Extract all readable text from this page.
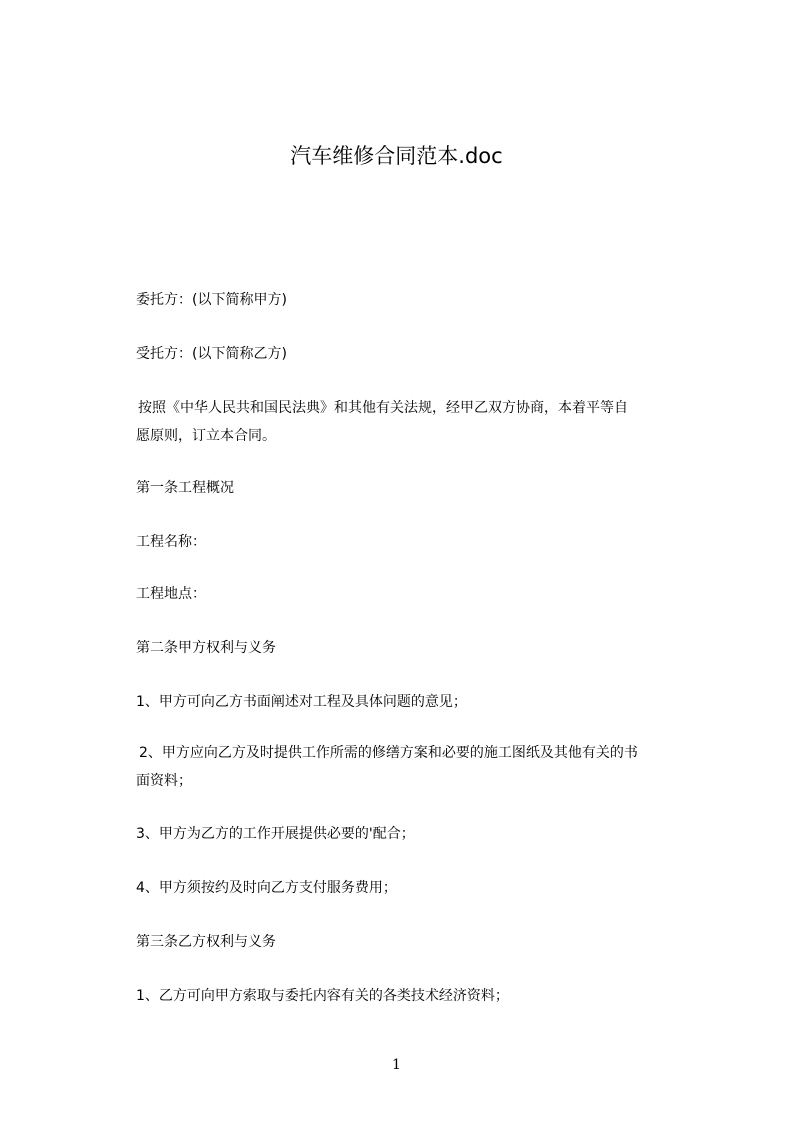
汽车维修合同范本.doc
委托方：(以下简称甲方)
受托方：(以下简称乙方)
按照《中华人民共和国民法典》和其他有关法规，经甲乙双方协商，本着平等自
愿原则，订立本合同。
第一条工程概况
工程名称：
工程地点：
第二条甲方权利与义务
1、甲方可向乙方书面阐述对工程及具体问题的意见；
2、甲方应向乙方及时提供工作所需的修缮方案和必要的施工图纸及其他有关的书
面资料；
3、甲方为乙方的工作开展提供必要的'配合；
4、甲方须按约及时向乙方支付服务费用；
第三条乙方权利与义务
1、乙方可向甲方索取与委托内容有关的各类技术经济资料；
1
